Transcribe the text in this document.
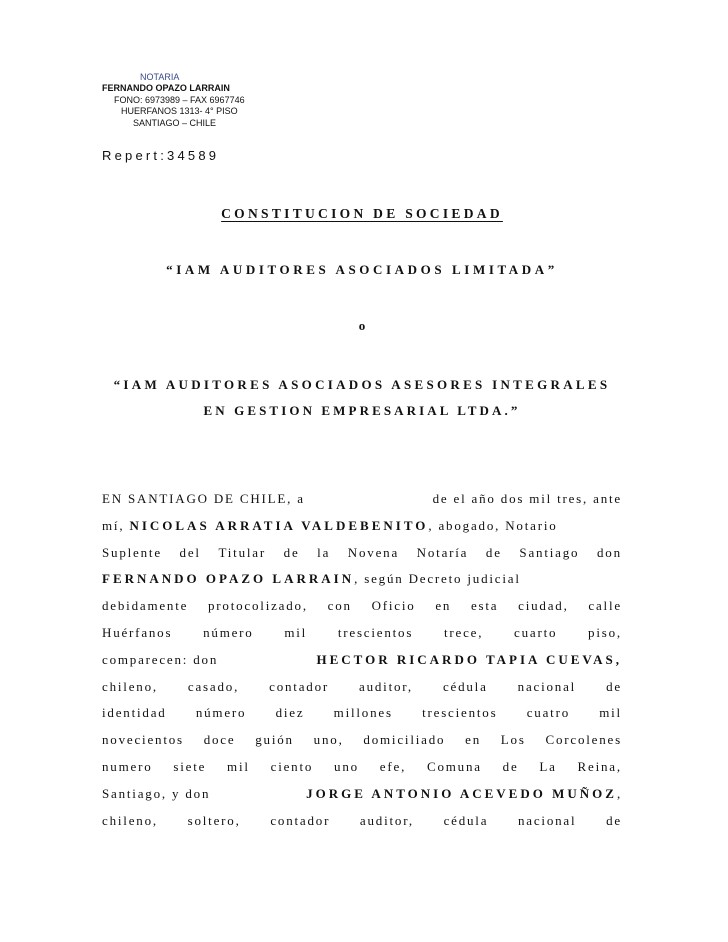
NOTARIA
FERNANDO OPAZO LARRAIN
FONO: 6973989 – FAX 6967746
HUERFANOS 1313- 4° PISO
SANTIAGO – CHILE
Repert:34589
CONSTITUCION DE SOCIEDAD
“IAM AUDITORES ASOCIADOS LIMITADA”
o
“IAM AUDITORES ASOCIADOS ASESORES INTEGRALES
EN GESTION EMPRESARIAL LTDA.”
EN SANTIAGO DE CHILE, a	de el año dos mil tres, ante
mí, NICOLAS ARRATIA VALDEBENITO, abogado, Notario
Suplente del Titular de la Novena Notaría de Santiago don
FERNANDO OPAZO LARRAIN, según Decreto judicial
debidamente protocolizado, con Oficio en esta ciudad, calle
Huérfanos número mil trescientos trece, cuarto piso,
comparecen: don	HECTOR RICARDO TAPIA CUEVAS,
chileno, casado, contador auditor, cédula nacional de
identidad número diez millones trescientos cuatro mil
novecientos doce guión uno, domiciliado en Los Corcolenes
numero siete mil ciento uno efe, Comuna de La Reina,
Santiago, y don	JORGE ANTONIO ACEVEDO MUÑOZ,
chileno, soltero, contador auditor, cédula nacional de
